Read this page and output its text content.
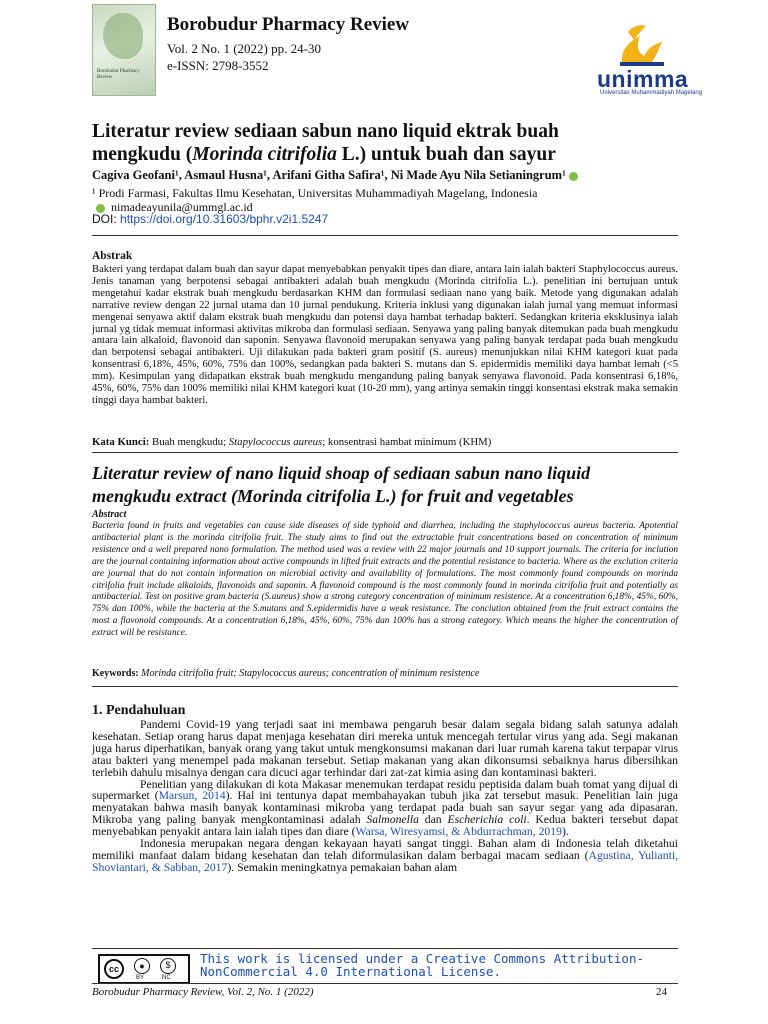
Borobudur Pharmacy Review
Borobudur Pharmacy Review
Vol. 2 No. 1 (2022) pp. 24-30
e-ISSN: 2798-3552
unimma
Universitas Muhammadiyah Magelang
Literatur review sediaan sabun nano liquid ektrak buah
mengkudu (Morinda citrifolia L.) untuk buah dan sayur
Cagiva Geofani¹, Asmaul Husna¹, Arifani Githa Safira¹, Ni Made Ayu Nila Setianingrum¹
¹ Prodi Farmasi, Fakultas Ilmu Kesehatan, Universitas Muhammadiyah Magelang, Indonesia
nimadeayunila@ummgl.ac.id
DOI: https://doi.org/10.31603/bphr.v2i1.5247
Abstrak
Bakteri yang terdapat dalam buah dan sayur dapat menyebabkan penyakit tipes dan diare, antara lain ialah bakteri Staphylococcus aureus. Jenis tanaman yang berpotensi sebagai antibakteri adalah buah mengkudu (Morinda citrifolia L.). penelitian ini bertujuan untuk mengetahui kadar ekstrak buah mengkudu berdasarkan KHM dan formulasi sediaan nano yang baik. Metode yang digunakan adalah narrative review dengan 22 jurnal utama dan 10 jurnal pendukung. Kriteria inklusi yang digunakan ialah jurnal yang memuat informasi mengenai senyawa aktif dalam ekstrak buah mengkudu dan potensi daya hambat terhadap bakteri. Sedangkan kriteria eksklusinya ialah jurnal yg tidak memuat informasi aktivitas mikroba dan formulasi sediaan. Senyawa yang paling banyak ditemukan pada buah mengkudu antara lain alkaloid, flavonoid dan saponin. Senyawa flavonoid merupakan senyawa yang paling banyak terdapat pada buah mengkudu dan berpotensi sebagai antibakteri. Uji dilakukan pada bakteri gram positif (S. aureus) menunjukkan nilai KHM kategori kuat pada konsentrasi 6,18%, 45%, 60%, 75% dan 100%, sedangkan pada bakteri S. mutans dan S. epidermidis memiliki daya hambat lemah (<5 mm). Kesimpulan yang didapatkan ekstrak buah mengkudu mengandung paling banyak senyawa flavonoid. Pada konsentrasi 6,18%, 45%, 60%, 75% dan 100% memiliki nilai KHM kategori kuat (10-20 mm), yang artinya semakin tinggi konsentasi ekstrak maka semakin tinggi daya hambat bakteri.
Kata Kunci: Buah mengkudu; Stapylococcus aureus; konsentrasi hambat minimum (KHM)
Literatur review of nano liquid shoap of sediaan sabun nano liquid
mengkudu extract (Morinda citrifolia L.) for fruit and vegetables
Abstract
Bacteria found in fruits and vegetables can cause side diseases of side typhoid and diarrhea, including the staphylococcus aureus bacteria. Apotential antibacterial plant is the morinda citrifolia fruit. The study aims to find out the extractable fruit concentrations based on concentration of minimum resistence and a well prepared nano formulation. The method used was a review with 22 major journals and 10 support journals. The criteria for inclution are the journal containing information about active compounds in lifted fruit extracts and the potential resistance to bacteria. Where as the exclution criteria are journal that do not contain information on microbial activity and availability of formulations. The most commonly found compounds on morinda citrifolia fruit include alkaloids, flavonoids and saponin. A flavonoid compound is the most commonly found in morinda citrifolia fruit and potentially as antibacterial. Test on positive gram bacteria (S.aureus) show a strong category concentration of minimum resistence. At a concentration 6,18%, 45%, 60%, 75% dan 100%, while the bacteria at the S.mutans and S.epidermidis have a weak resistance. The conclution obtained from the fruit extract contains the most a flavonoid compounds. At a concentration 6,18%, 45%, 60%, 75% dan 100% has a strong category. Which means the higher the concentration of extract will be resistance.
Keywords: Morinda citrifolia fruit; Stapylococcus aureus; concentration of minimum resistence
1. Pendahuluan

Pandemi Covid-19 yang terjadi saat ini membawa pengaruh besar dalam segala bidang salah satunya adalah kesehatan. Setiap orang harus dapat menjaga kesehatan diri mereka untuk mencegah tertular virus yang ada. Segi makanan juga harus diperhatikan, banyak orang yang takut untuk mengkonsumsi makanan dari luar rumah karena takut terpapar virus atau bakteri yang menempel pada makanan tersebut. Setiap makanan yang akan dikonsumsi sebaiknya harus dibersihkan terlebih dahulu misalnya dengan cara dicuci agar terhindar dari zat-zat kimia asing dan kontaminasi bakteri.

Penelitian yang dilakukan di kota Makasar menemukan terdapat residu peptisida dalam buah tomat yang dijual di supermarket (Marsun, 2014). Hal ini tentunya dapat membahayakan tubuh jika zat tersebut masuk. Penelitian lain juga menyatakan bahwa masih banyak kontaminasi mikroba yang terdapat pada buah san sayur segar yang ada dipasaran. Mikroba yang paling banyak mengkontaminasi adalah Salmonella dan Escherichia coli. Kedua bakteri tersebut dapat menyebabkan penyakit antara lain ialah tipes dan diare (Warsa, Wiresyamsi, & Abdurrachman, 2019).

Indonesia merupakan negara dengan kekayaan hayati sangat tinggi. Bahan alam di Indonesia telah diketahui memiliki manfaat dalam bidang kesehatan dan telah diformulasikan dalam berbagai macam sediaan (Agustina, Yulianti, Shoviantari, & Sabban, 2017). Semakin meningkatnya pemakaian bahan alam

cc	●	$
BY	NC
This work is licensed under a Creative Commons Attribution-NonCommercial 4.0 International License.
Borobudur Pharmacy Review, Vol. 2, No. 1 (2022)	24
